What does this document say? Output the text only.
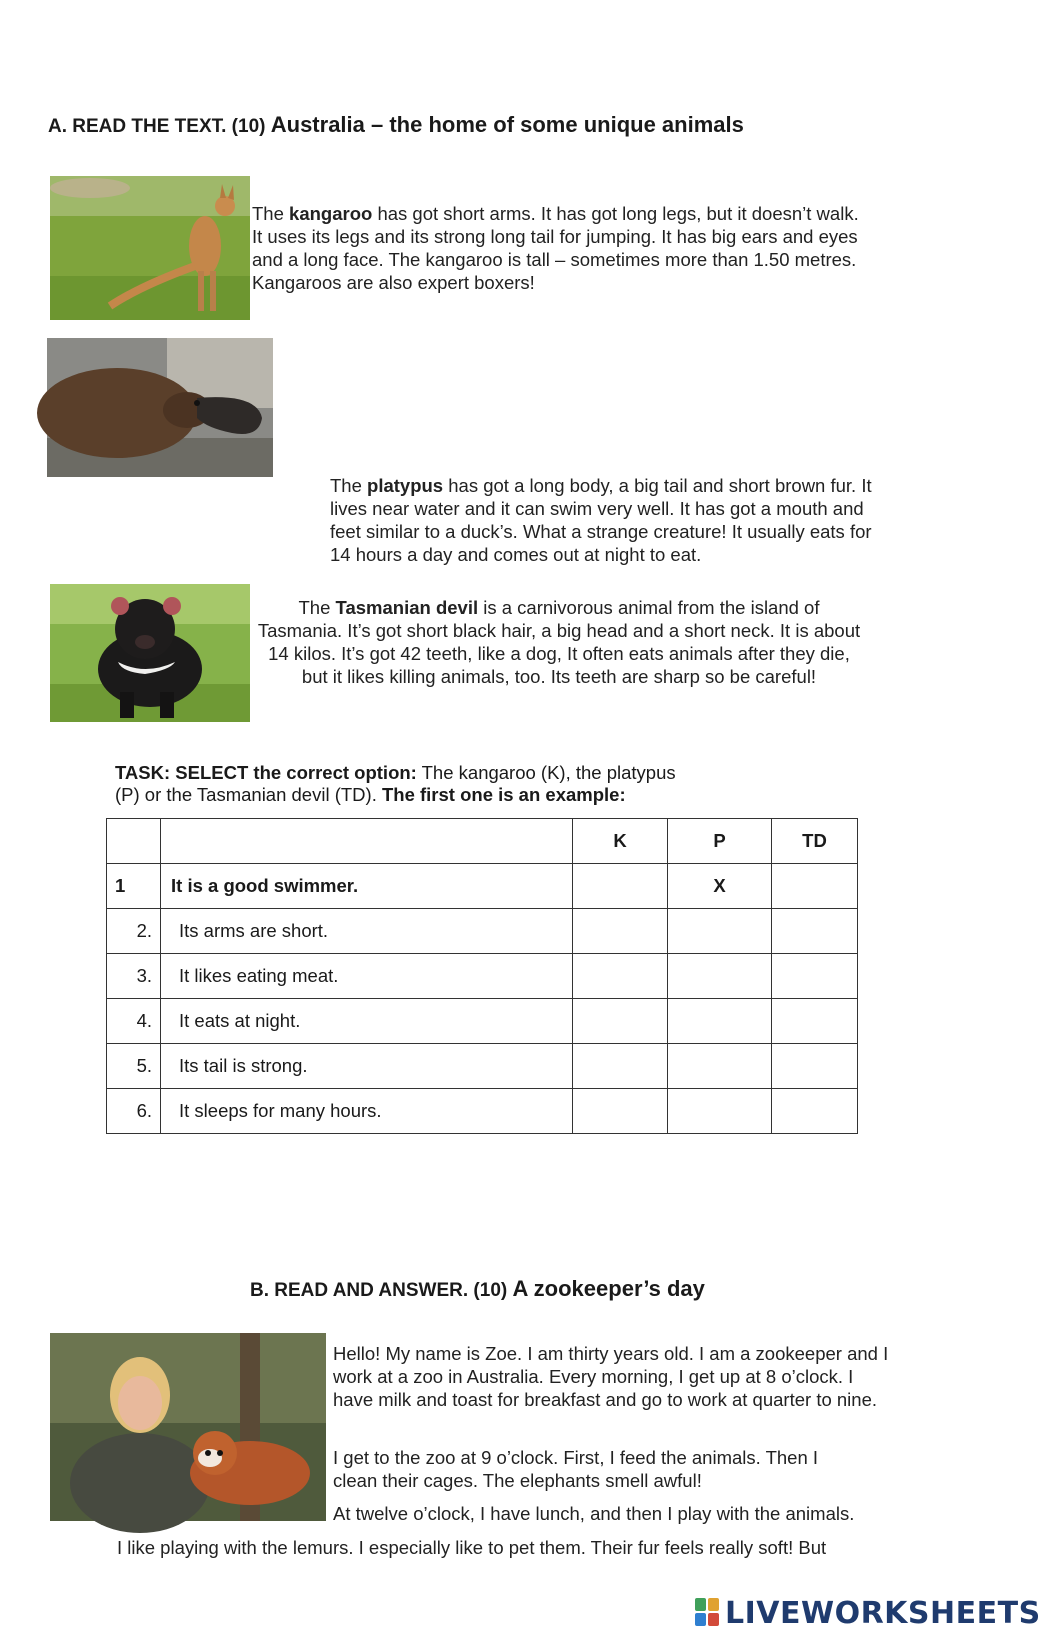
A. READ THE TEXT. (10) Australia – the home of some unique animals
The kangaroo has got short arms. It has got long legs, but it doesn’t walk. It uses its legs and its strong long tail for jumping. It has big ears and eyes and a long face. The kangaroo is tall – sometimes more than 1.50 metres. Kangaroos are also expert boxers!
The platypus has got a long body, a big tail and short brown fur. It lives near water and it can swim very well. It has got a mouth and feet similar to a duck’s. What a strange creature! It usually eats for 14 hours a day and comes out at night to eat.
The Tasmanian devil is a carnivorous animal from the island of Tasmania. It’s got short black hair, a big head and a short neck. It is about 14 kilos. It’s got 42 teeth, like a dog, It often eats animals after they die, but it likes killing animals, too. Its teeth are sharp so be careful!
TASK: SELECT the correct option: The kangaroo (K), the platypus (P) or the Tasmanian devil (TD). The first one is an example:
		K	P	TD
1	It is a good swimmer.		X	
2.	Its arms are short.			
3.	It likes eating meat.			
4.	It eats at night.			
5.	Its tail is strong.			
6.	It sleeps for many hours.			
B. READ AND ANSWER. (10) A zookeeper’s day
Hello! My name is Zoe. I am thirty years old. I am a zookeeper and I work at a zoo in Australia. Every morning, I get up at 8 o’clock. I have milk and toast for breakfast and go to work at quarter to nine.
I get to the zoo at 9 o’clock. First, I feed the animals. Then I clean their cages. The elephants smell awful!
At twelve o’clock, I have lunch, and then I play with the animals.
I like playing with the lemurs. I especially like to pet them. Their fur feels really soft! But
LIVEWORKSHEETS
